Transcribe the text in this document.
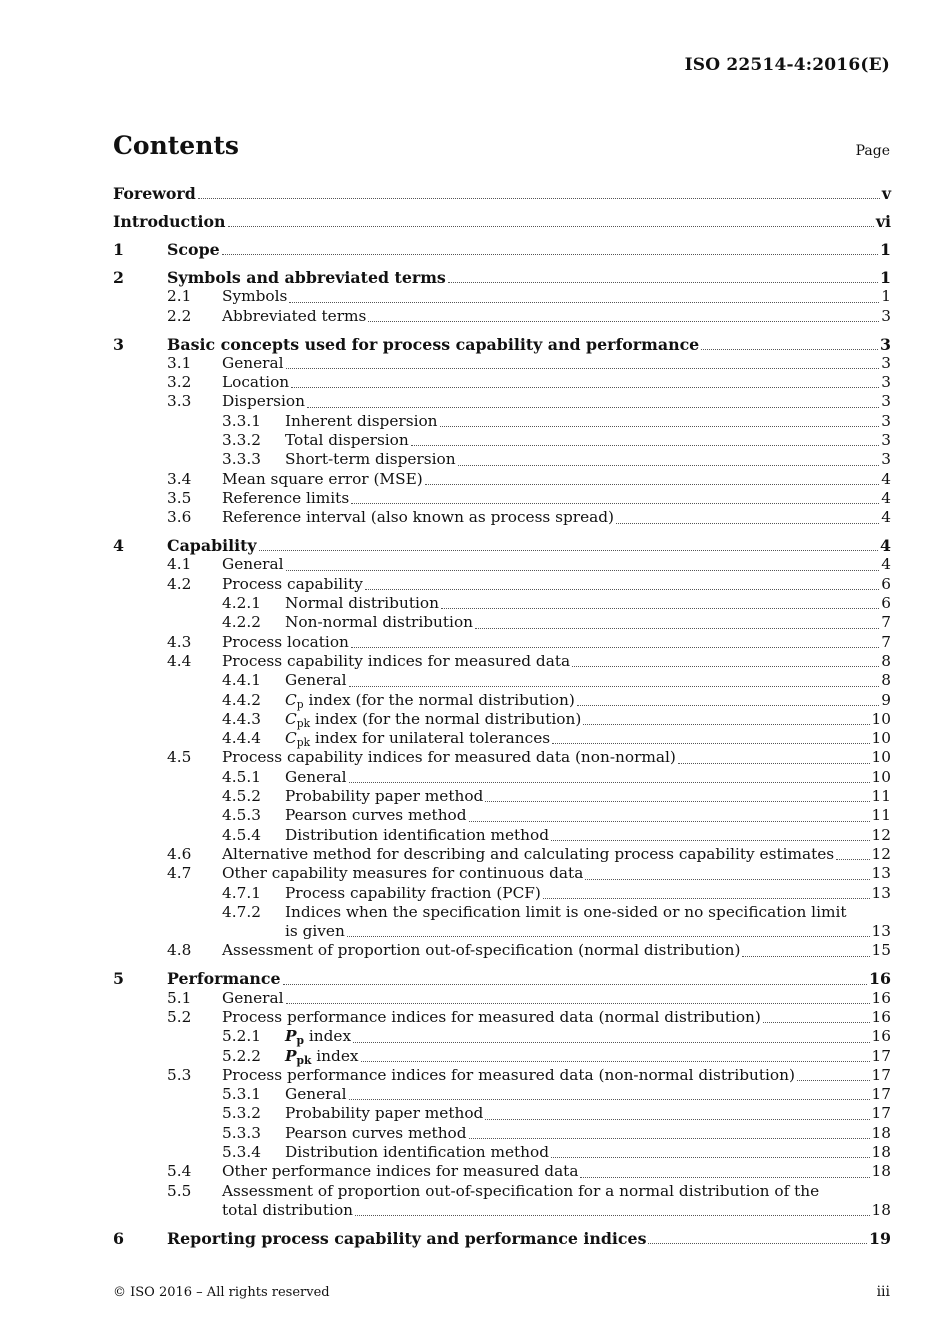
ISO 22514-4:2016(E)
Contents	Page
Foreword	v
Introduction	vi
1	Scope	1
2	Symbols and abbreviated terms	1
2.1 Symbols	1
2.2 Abbreviated terms	3
3	Basic concepts used for process capability and performance	3
3.1 General	3
3.2 Location	3
3.3 Dispersion	3
3.3.1 Inherent dispersion	3
3.3.2 Total dispersion	3
3.3.3 Short-term dispersion	3
3.4 Mean square error (MSE)	4
3.5 Reference limits	4
3.6 Reference interval (also known as process spread)	4
4	Capability	4
4.1 General	4
4.2 Process capability	6
4.2.1 Normal distribution	6
4.2.2 Non-normal distribution	7
4.3 Process location	7
4.4 Process capability indices for measured data	8
4.4.1 General	8
4.4.2 $C_p$ index (for the normal distribution)	9
4.4.3 $C_{pk}$ index (for the normal distribution)	10
4.4.4 $C_{pk}$ index for unilateral tolerances	10
4.5 Process capability indices for measured data (non-normal)	10
4.5.1 General	10
4.5.2 Probability paper method	11
4.5.3 Pearson curves method	11
4.5.4 Distribution identification method	12
4.6 Alternative method for describing and calculating process capability estimates 12
4.7 Other capability measures for continuous data	13
4.7.1 Process capability fraction (PCF)	13
4.7.2 Indices when the specification limit is one-sided or no specification limit
is given	13
4.8 Assessment of proportion out-of-specification (normal distribution)	15
5	Performance	16
5.1 General	16
5.2 Process performance indices for measured data (normal distribution)	16
5.2.1 $P_p$ index	16
5.2.2 $P_{pk}$ index	17
5.3 Process performance indices for measured data (non-normal distribution)	17
5.3.1 General	17
5.3.2 Probability paper method	17
5.3.3 Pearson curves method	18
5.3.4 Distribution identification method	18
5.4 Other performance indices for measured data	18
5.5 Assessment of proportion out-of-specification for a normal distribution of the
total distribution	18
6	Reporting process capability and performance indices	19
© ISO 2016 – All rights reserved	iii
